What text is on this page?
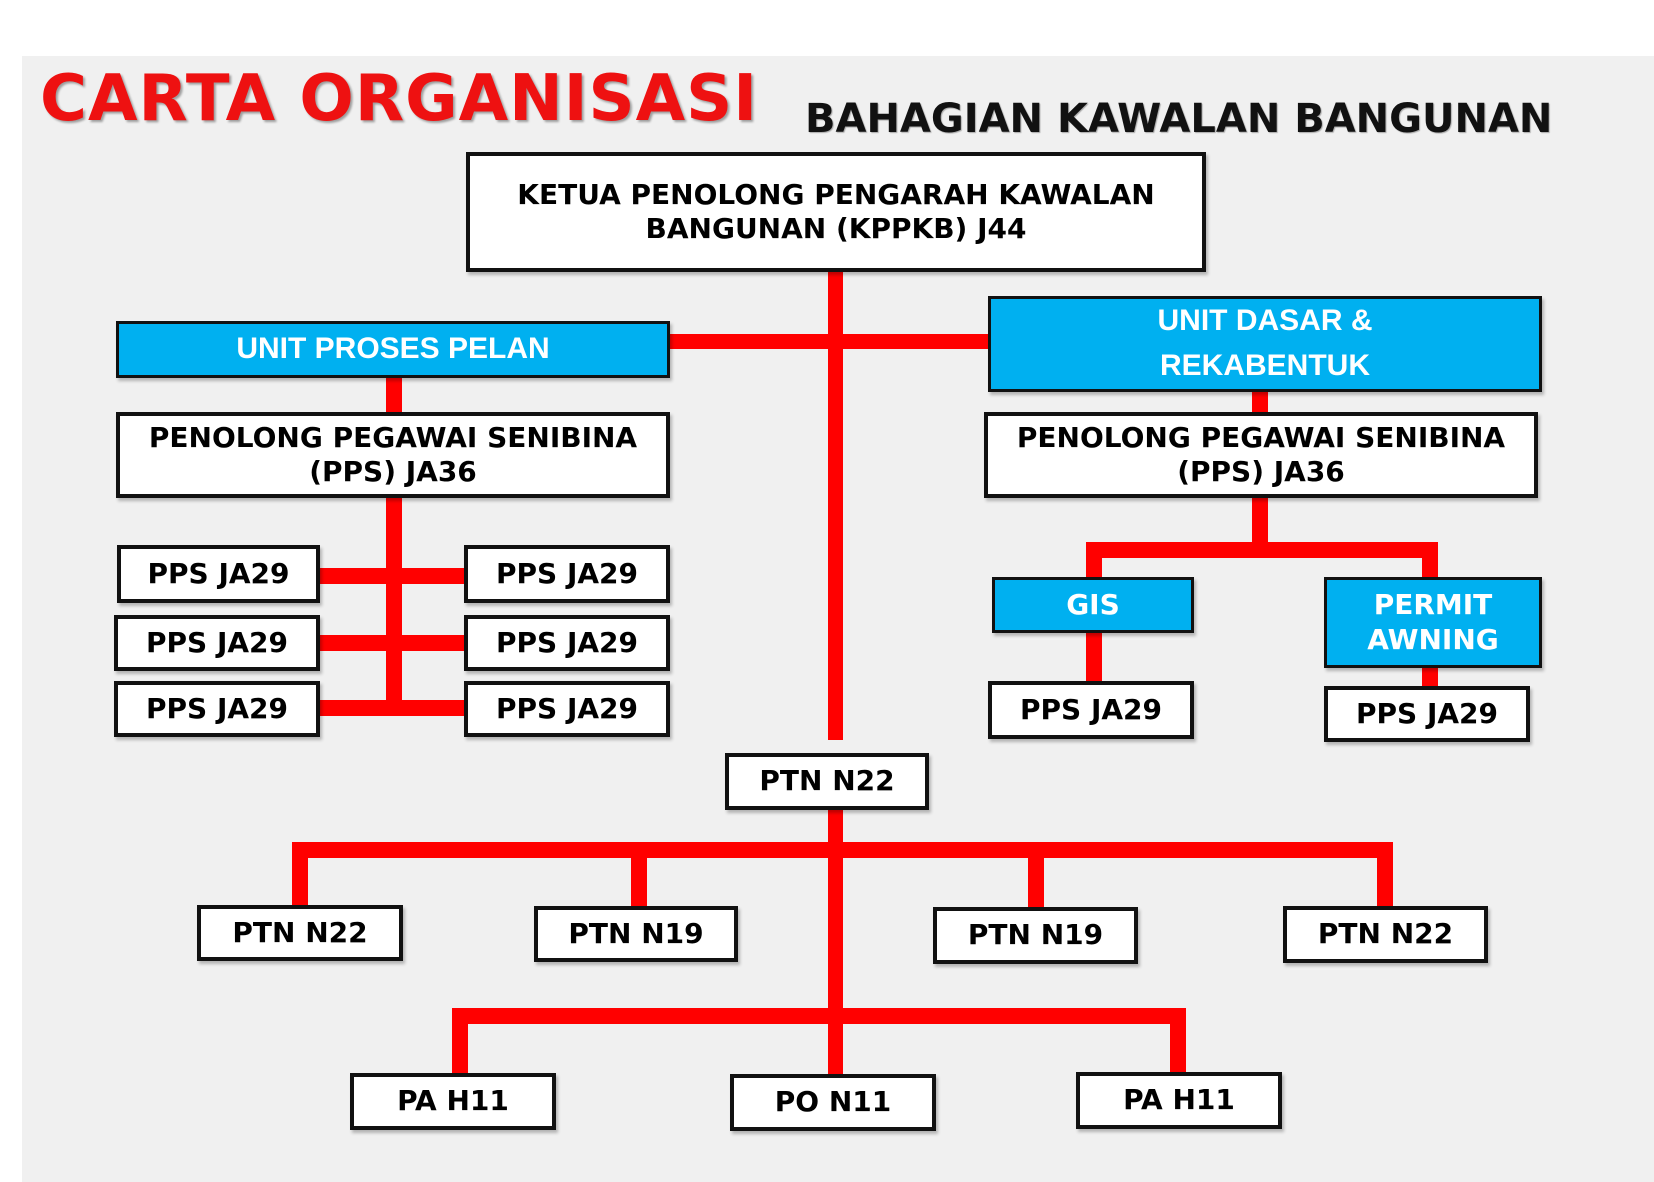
CARTA ORGANISASI BAHAGIAN KAWALAN BANGUNAN
KETUA PENOLONG PENGARAH KAWALAN
BANGUNAN (KPPKB) J44
UNIT PROSES PELAN
PENOLONG PEGAWAI SENIBINA
(PPS) JA36
PPS JA29	PPS JA29
PPS JA29	PPS JA29
PPS JA29	PPS JA29
UNIT DASAR &
REKABENTUK
PENOLONG PEGAWAI SENIBINA
(PPS) JA36
GIS	PERMIT
AWNING
PPS JA29	PPS JA29
PTN N22
PTN N22	PTN N19	PTN N19	PTN N22
PA H11	PO N11	PA H11
